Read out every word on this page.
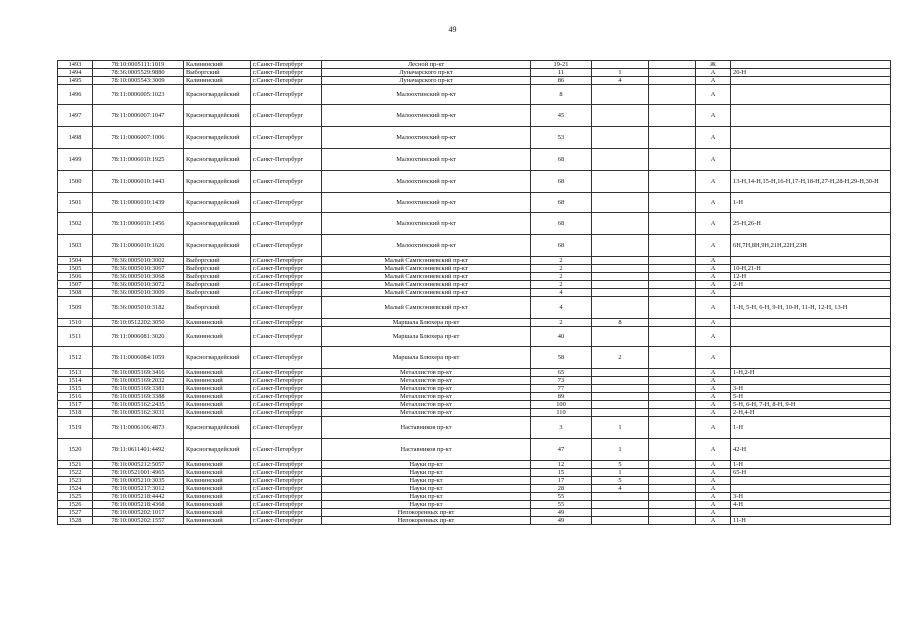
49
1493	78:10:0005111:1019	Калининский	г.Санкт-Петербург	Лесной пр-кт	19-21			Ж	
1494	78:36:0005529:9880	Выборгский	г.Санкт-Петербург	Луначарского пр-кт	11	1		А	20-Н
1495	78:10:0005543:3009	Калининский	г.Санкт-Петербург	Луначарского пр-кт	86	4		А	
1496	78:11:0006005:1023	Красногвардейский	г.Санкт-Петербург	Малоохтинский пр-кт	8			А	
1497	78:11:0006007:1047	Красногвардейский	г.Санкт-Петербург	Малоохтинский пр-кт	45			А	
1498	78:11:0006007:1006	Красногвардейский	г.Санкт-Петербург	Малоохтинский пр-кт	53			А	
1499	78:11:0006010:1925	Красногвардейский	г.Санкт-Петербург	Малоохтинский пр-кт	68			А	
1500	78:11:0006010:1443	Красногвардейский	г.Санкт-Петербург	Малоохтинский пр-кт	68			А	13-Н,14-Н,15-Н,16-Н,17-Н,18-Н,27-Н,28-Н,29-Н,30-Н
1501	78:11:0006010:1439	Красногвардейский	г.Санкт-Петербург	Малоохтинский пр-кт	68			А	1-Н
1502	78:11:0006010:1456	Красногвардейский	г.Санкт-Петербург	Малоохтинский пр-кт	68			А	25-Н,26-Н
1503	78:11:0006010:1626	Красногвардейский	г.Санкт-Петербург	Малоохтинский пр-кт	68			А	6Н,7Н,8Н,9Н,21Н,22Н,23Н
1504	78:36:0005010:3002	Выборгский	г.Санкт-Петербург	Малый Сампсониевский пр-кт	2			А	
1505	78:36:0005010:3067	Выборгский	г.Санкт-Петербург	Малый Сампсониевский пр-кт	2			А	10-Н,21-Н
1506	78:36:0005010:3068	Выборгский	г.Санкт-Петербург	Малый Сампсониевский пр-кт	2			А	12-Н
1507	78:36:0005010:3072	Выборгский	г.Санкт-Петербург	Малый Сампсониевский пр-кт	2			А	2-Н
1508	78:36:0005010:3009	Выборгский	г.Санкт-Петербург	Малый Сампсониевский пр-кт	4			А	
1509	78:36:0005010:3182	Выборгский	г.Санкт-Петербург	Малый Сампсониевский пр-кт	4			А	1-Н, 5-Н, 6-Н, 9-Н, 10-Н, 11-Н, 12-Н, 13-Н
1510	78:10:0512202:3050	Калининский	г.Санкт-Петербург	Маршала Блюхера пр-кт	2	8		А	
1511	78:11:0006081:3020	Калининский	г.Санкт-Петербург	Маршала Блюхера пр-кт	40			А	
1512	78:11:0006084:1059	Красногвардейский	г.Санкт-Петербург	Маршала Блюхера пр-кт	58	2		А	
1513	78:10:0005169:3416	Калининский	г.Санкт-Петербург	Металлистов пр-кт	65			А	1-Н,2-Н
1514	78:10:0005169:2032	Калининский	г.Санкт-Петербург	Металлистов пр-кт	73			А	
1515	78:10:0005169:3381	Калининский	г.Санкт-Петербург	Металлистов пр-кт	77			А	3-Н
1516	78:10:0005169:3388	Калининский	г.Санкт-Петербург	Металлистов пр-кт	89			А	5-Н
1517	78:10:0005162:2435	Калининский	г.Санкт-Петербург	Металлистов пр-кт	100			А	5-Н, 6-Н, 7-Н, 8-Н, 9-Н
1518	78:10:0005162:3031	Калининский	г.Санкт-Петербург	Металлистов пр-кт	110			А	2-Н,4-Н
1519	78:11:0006106:4873	Красногвардейский	г.Санкт-Петербург	Наставников пр-кт	3	1		А	1-Н
1520	78:11:0611401:4492	Красногвардейский	г.Санкт-Петербург	Наставников пр-кт	47	1		А	42-Н
1521	78:10:0005212:5057	Калининский	г.Санкт-Петербург	Науки пр-кт	12	5		А	1-Н
1522	78:10:0521001:4965	Калининский	г.Санкт-Петербург	Науки пр-кт	15	1		А	65-Н
1523	78:10:0005210:3035	Калининский	г.Санкт-Петербург	Науки пр-кт	17	5		А	
1524	78:10:0005217:3012	Калининский	г.Санкт-Петербург	Науки пр-кт	28	4		А	
1525	78:10:0005218:4442	Калининский	г.Санкт-Петербург	Науки пр-кт	55			А	3-Н
1526	78:10:0005218:4368	Калининский	г.Санкт-Петербург	Науки пр-кт	55			А	4-Н
1527	78:10:0005202:1017	Калининский	г.Санкт-Петербург	Непокоренных пр-кт	49			А	
1528	78:10:0005202:1557	Калининский	г.Санкт-Петербург	Непокоренных пр-кт	49			А	11-Н
